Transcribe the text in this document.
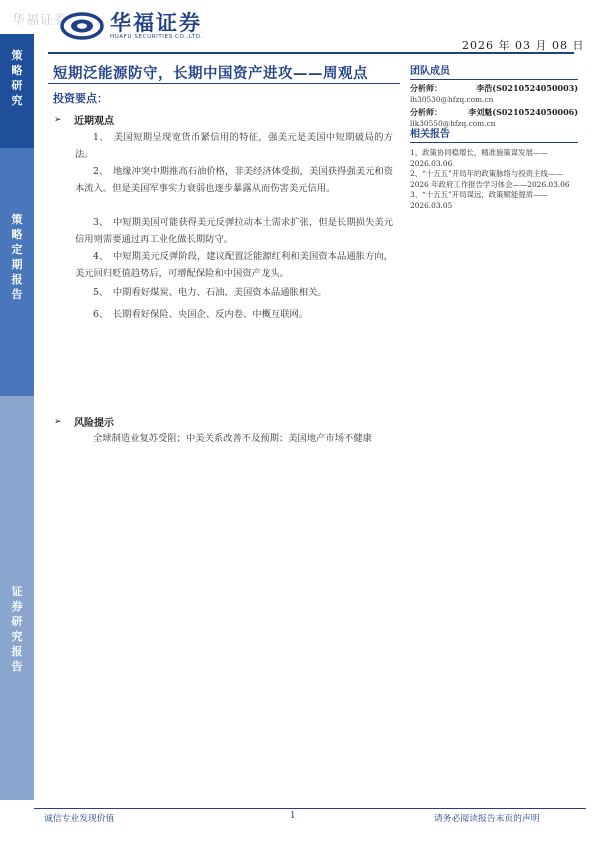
华福证券
策略研究
策略定期报告
证券研究报告
华福证券
HUAFU SECURITIES CO.,LTD.
2026 年 03 月 08 日
短期泛能源防守，长期中国资产进攻——周观点
投资要点：
➢	近期观点
1、　美国短期呈现宽货币紧信用的特征，强美元是美国中短期破局的方法。
2、　地缘冲突中期推高石油价格，非美经济体受损，美国获得强美元和资本流入。但是美国军事实力衰弱也逐步暴露从而伤害美元信用。
3、　中短期美国可能获得美元反弹拉动本土需求扩张，但是长期损失美元信用则需要通过再工业化做长期防守。
4、　中短期美元反弹阶段，建议配置泛能源红利和美国资本品通胀方向，美元回归贬值趋势后，可增配保险和中国资产龙头。
5、　中期看好煤炭、电力、石油、美国资本品通胀相关。
6、　长期看好保险、央国企、反内卷、中概互联网。
➢	风险提示
全球制造业复苏受阻；中美关系改善不及预期；美国地产市场不健康
团队成员
分析师：	李浩(S0210524050003)
lh30530@hfzq.com.cn
分析师：	李刘魁(S0210524050006)
llk30550@hfzq.com.cn
相关报告
1、政策协同稳增长，精准施策谋发展——2026.03.06
2、“十五五”开局年的政策脉络与投资主线——2026 年政府工作报告学习体会——2026.03.06
3、“十五五”开局谋远，政策赋能提质——2026.03.05
诚信专业发现价值	1	请务必阅读报告末页的声明
